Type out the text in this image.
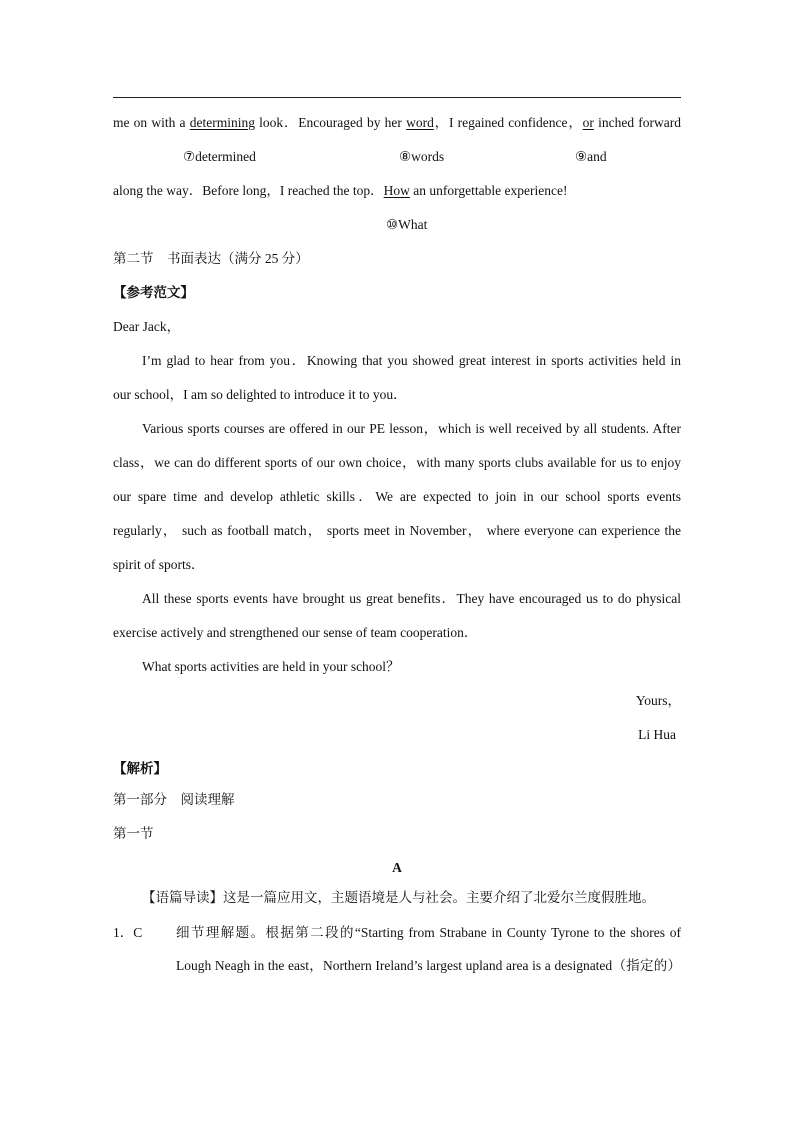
me on with a determining look．Encouraged by her word，I regained confidence，or inched forward
⑦determined	⑧words	⑨and
along the way．Before long，I reached the top．How an unforgettable experience!
⑩What
第二节　书面表达（满分 25 分）
【参考范文】
Dear Jack，
I’m glad to hear from you．Knowing that you showed great interest in sports activities held in
our school，I am so delighted to introduce it to you．
Various sports courses are offered in our PE lesson，which is well received by all students. After
class，we can do different sports of our own choice，with many sports clubs available for us to enjoy
our spare time and develop athletic skills．We are expected to join in our school sports events
regularly， such as football match， sports meet in November， where everyone can experience the
spirit of sports．
All these sports events have brought us great benefits．They have encouraged us to do physical
exercise actively and strengthened our sense of team cooperation．
What sports activities are held in your school？
Yours，
Li Hua
【解析】
第一部分　阅读理解
第一节
A
【语篇导读】这是一篇应用文，主题语境是人与社会。主要介绍了北爱尔兰度假胜地。
1．C	细节理解题。根据第二段的“Starting from Strabane in County Tyrone to the shores of
Lough Neagh in the east，Northern Ireland’s largest upland area is a designated（指定的）
